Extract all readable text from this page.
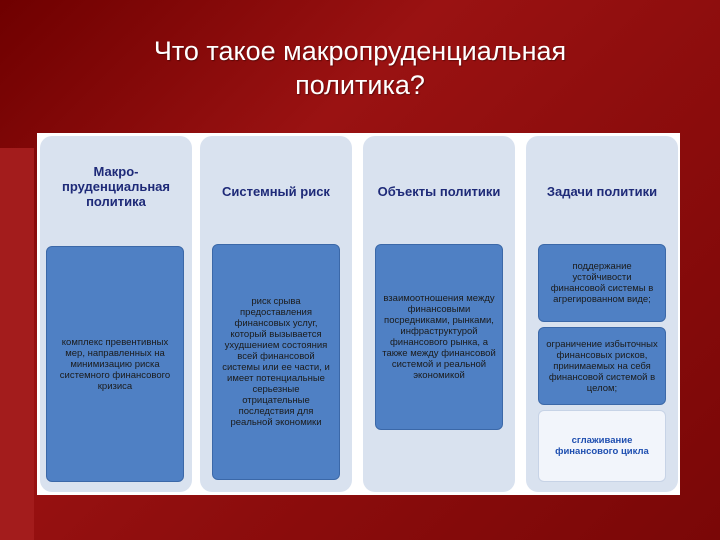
Что такое макропруденциальная
политика?
Макро-пруденциальная политика
комплекс превентивных мер, направленных на минимизацию риска системного финансового кризиса
Системный риск
риск срыва предоставления финансовых услуг, который вызывается ухудшением состояния всей финансовой системы или ее части, и имеет потенциальные серьезные отрицательные последствия для реальной экономики
Объекты политики
взаимоотношения между финансовыми посредниками, рынками, инфраструктурой финансового рынка, а также между финансовой системой и реальной экономикой
Задачи политики
поддержание устойчивости финансовой системы в агрегированном виде;
ограничение избыточных финансовых рисков, принимаемых на себя финансовой системой в целом;
сглаживание финансового цикла
